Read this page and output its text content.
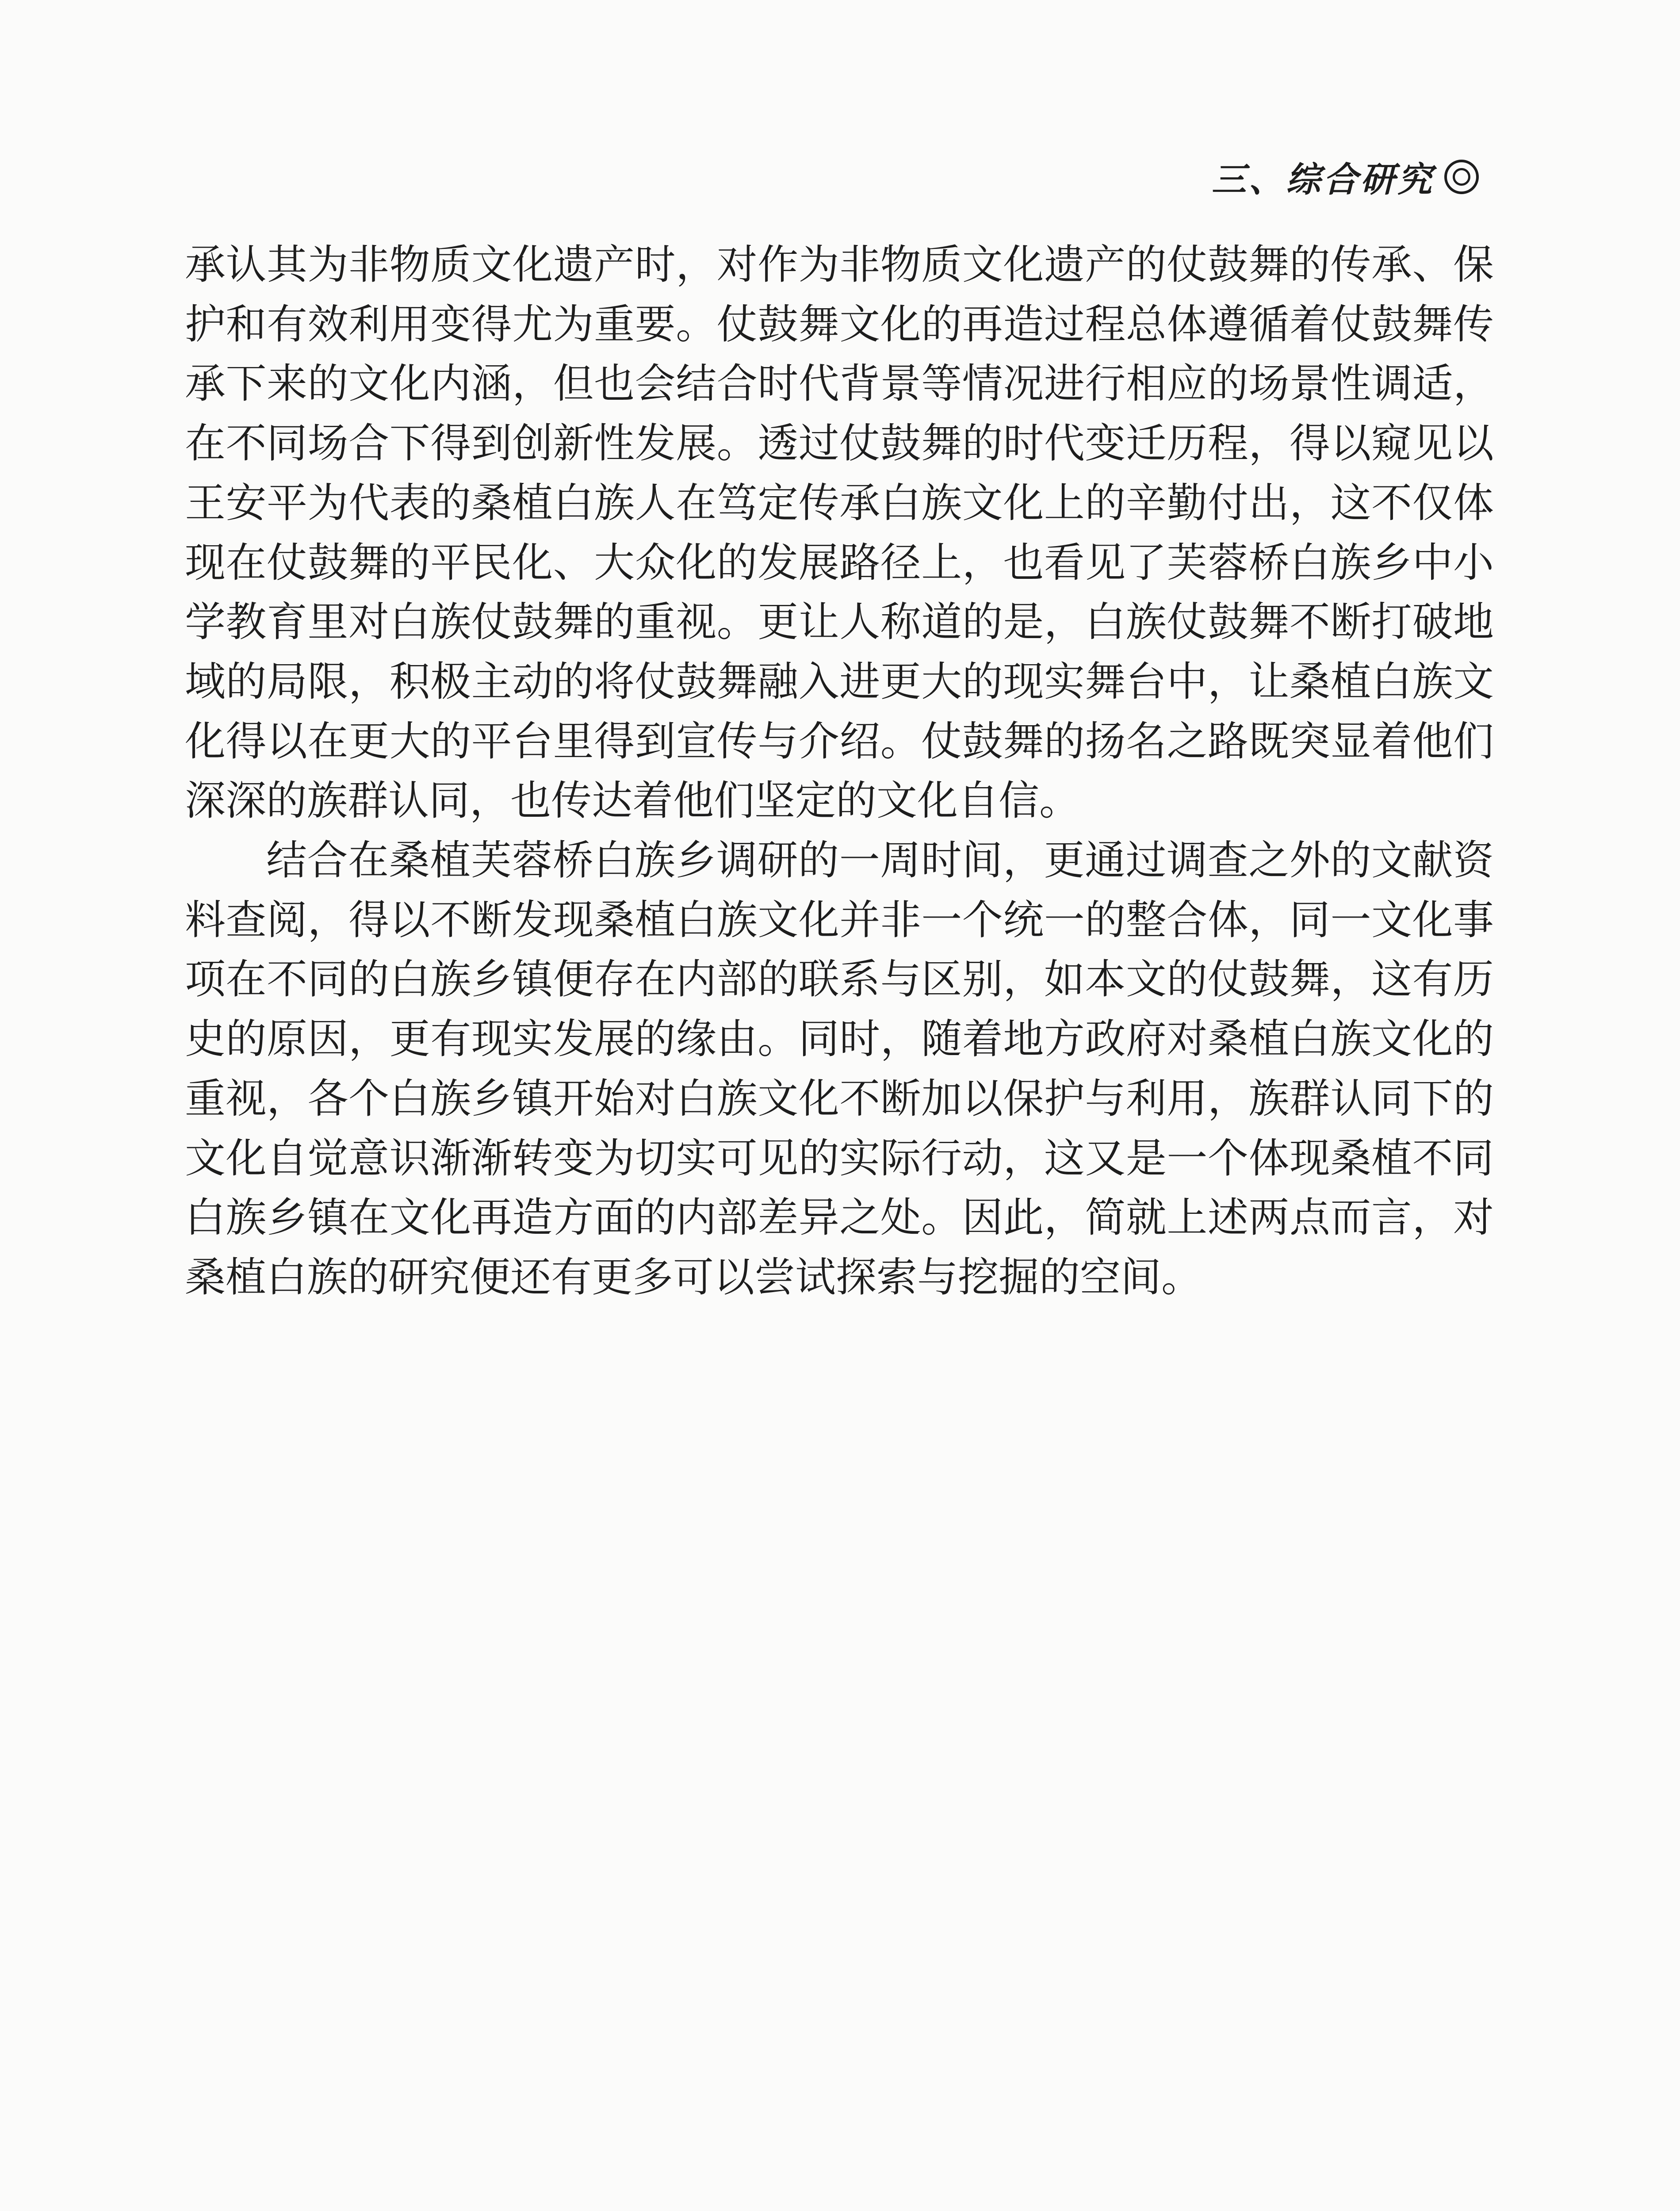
三、综合研究

承认其为非物质文化遗产时，对作为非物质文化遗产的仗鼓舞的传承、保护和有效利用变得尤为重要。仗鼓舞文化的再造过程总体遵循着仗鼓舞传承下来的文化内涵，但也会结合时代背景等情况进行相应的场景性调适，在不同场合下得到创新性发展。透过仗鼓舞的时代变迁历程，得以窥见以王安平为代表的桑植白族人在笃定传承白族文化上的辛勤付出，这不仅体现在仗鼓舞的平民化、大众化的发展路径上，也看见了芙蓉桥白族乡中小学教育里对白族仗鼓舞的重视。更让人称道的是，白族仗鼓舞不断打破地域的局限，积极主动的将仗鼓舞融入进更大的现实舞台中，让桑植白族文化得以在更大的平台里得到宣传与介绍。仗鼓舞的扬名之路既突显着他们深深的族群认同，也传达着他们坚定的文化自信。

结合在桑植芙蓉桥白族乡调研的一周时间，更通过调查之外的文献资料查阅，得以不断发现桑植白族文化并非一个统一的整合体，同一文化事项在不同的白族乡镇便存在内部的联系与区别，如本文的仗鼓舞，这有历史的原因，更有现实发展的缘由。同时，随着地方政府对桑植白族文化的重视，各个白族乡镇开始对白族文化不断加以保护与利用，族群认同下的文化自觉意识渐渐转变为切实可见的实际行动，这又是一个体现桑植不同白族乡镇在文化再造方面的内部差异之处。因此，简就上述两点而言，对桑植白族的研究便还有更多可以尝试探索与挖掘的空间。
